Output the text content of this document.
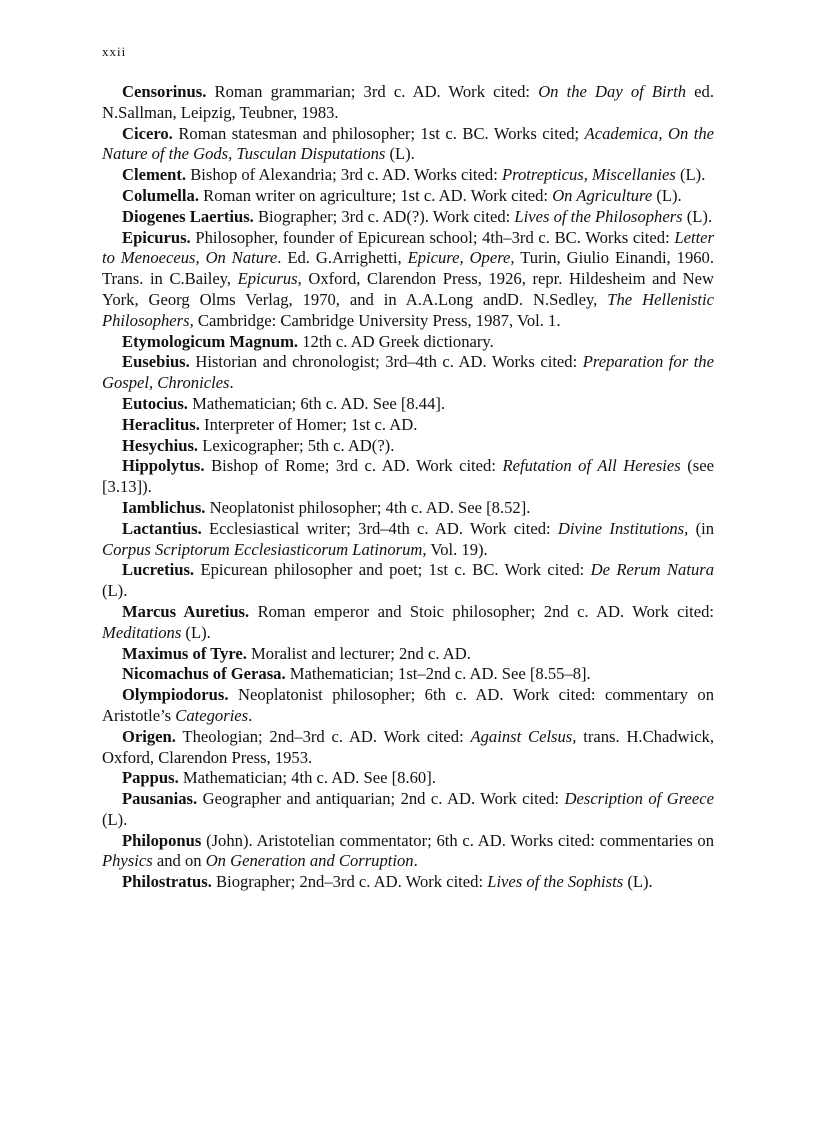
xxii

Censorinus. Roman grammarian; 3rd c. AD. Work cited: On the Day of Birth ed. N.Sallman, Leipzig, Teubner, 1983.

Cicero. Roman statesman and philosopher; 1st c. BC. Works cited; Academica, On the Nature of the Gods, Tusculan Disputations (L).

Clement. Bishop of Alexandria; 3rd c. AD. Works cited: Protrepticus, Miscellanies (L).

Columella. Roman writer on agriculture; 1st c. AD. Work cited: On Agriculture (L).

Diogenes Laertius. Biographer; 3rd c. AD(?). Work cited: Lives of the Philosophers (L).

Epicurus. Philosopher, founder of Epicurean school; 4th–3rd c. BC. Works cited: Letter to Menoeceus, On Nature. Ed. G.Arrighetti, Epicure, Opere, Turin, Giulio Einandi, 1960. Trans. in C.Bailey, Epicurus, Oxford, Clarendon Press, 1926, repr. Hildesheim and New York, Georg Olms Verlag, 1970, and in A.A.Long andD. N.Sedley, The Hellenistic Philosophers, Cambridge: Cambridge University Press, 1987, Vol. 1.

Etymologicum Magnum. 12th c. AD Greek dictionary.

Eusebius. Historian and chronologist; 3rd–4th c. AD. Works cited: Preparation for the Gospel, Chronicles.

Eutocius. Mathematician; 6th c. AD. See [8.44].

Heraclitus. Interpreter of Homer; 1st c. AD.

Hesychius. Lexicographer; 5th c. AD(?).

Hippolytus. Bishop of Rome; 3rd c. AD. Work cited: Refutation of All Heresies (see [3.13]).

Iamblichus. Neoplatonist philosopher; 4th c. AD. See [8.52].

Lactantius. Ecclesiastical writer; 3rd–4th c. AD. Work cited: Divine Institutions, (in Corpus Scriptorum Ecclesiasticorum Latinorum, Vol. 19).

Lucretius. Epicurean philosopher and poet; 1st c. BC. Work cited: De Rerum Natura (L).

Marcus Auretius. Roman emperor and Stoic philosopher; 2nd c. AD. Work cited: Meditations (L).

Maximus of Tyre. Moralist and lecturer; 2nd c. AD.

Nicomachus of Gerasa. Mathematician; 1st–2nd c. AD. See [8.55–8].

Olympiodorus. Neoplatonist philosopher; 6th c. AD. Work cited: commentary on Aristotle’s Categories.

Origen. Theologian; 2nd–3rd c. AD. Work cited: Against Celsus, trans. H.Chadwick, Oxford, Clarendon Press, 1953.

Pappus. Mathematician; 4th c. AD. See [8.60].

Pausanias. Geographer and antiquarian; 2nd c. AD. Work cited: Description of Greece (L).

Philoponus (John). Aristotelian commentator; 6th c. AD. Works cited: commentaries on Physics and on On Generation and Corruption.

Philostratus. Biographer; 2nd–3rd c. AD. Work cited: Lives of the Sophists (L).
